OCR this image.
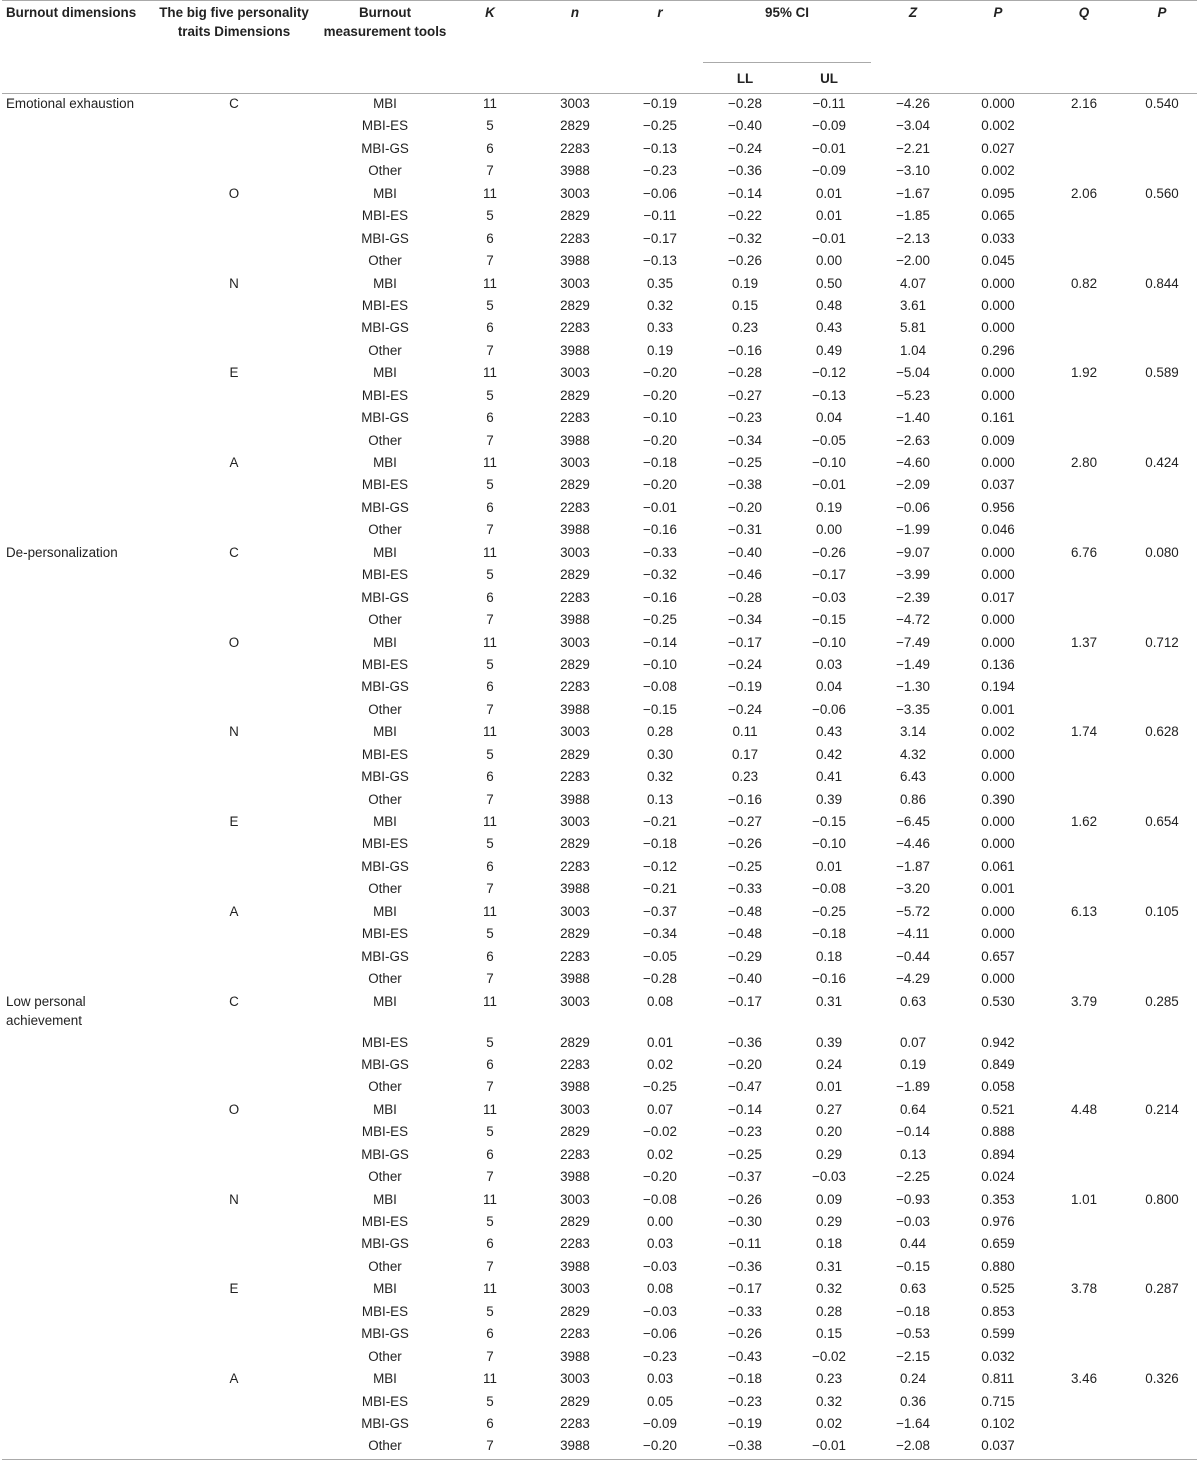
Burnout dimensions	The big five personality traits Dimensions	Burnout measurement tools	K	n	r	95% CI		Z	P	Q	P
						LL	UL				
Emotional exhaustion	C	MBI	11	3003	−0.19	−0.28	−0.11	−4.26	0.000	2.16	0.540
		MBI-ES	5	2829	−0.25	−0.40	−0.09	−3.04	0.002		
		MBI-GS	6	2283	−0.13	−0.24	−0.01	−2.21	0.027		
		Other	7	3988	−0.23	−0.36	−0.09	−3.10	0.002		
	O	MBI	11	3003	−0.06	−0.14	0.01	−1.67	0.095	2.06	0.560
		MBI-ES	5	2829	−0.11	−0.22	0.01	−1.85	0.065		
		MBI-GS	6	2283	−0.17	−0.32	−0.01	−2.13	0.033		
		Other	7	3988	−0.13	−0.26	0.00	−2.00	0.045		
	N	MBI	11	3003	0.35	0.19	0.50	4.07	0.000	0.82	0.844
		MBI-ES	5	2829	0.32	0.15	0.48	3.61	0.000		
		MBI-GS	6	2283	0.33	0.23	0.43	5.81	0.000		
		Other	7	3988	0.19	−0.16	0.49	1.04	0.296		
	E	MBI	11	3003	−0.20	−0.28	−0.12	−5.04	0.000	1.92	0.589
		MBI-ES	5	2829	−0.20	−0.27	−0.13	−5.23	0.000		
		MBI-GS	6	2283	−0.10	−0.23	0.04	−1.40	0.161		
		Other	7	3988	−0.20	−0.34	−0.05	−2.63	0.009		
	A	MBI	11	3003	−0.18	−0.25	−0.10	−4.60	0.000	2.80	0.424
		MBI-ES	5	2829	−0.20	−0.38	−0.01	−2.09	0.037		
		MBI-GS	6	2283	−0.01	−0.20	0.19	−0.06	0.956		
		Other	7	3988	−0.16	−0.31	0.00	−1.99	0.046		
De-personalization	C	MBI	11	3003	−0.33	−0.40	−0.26	−9.07	0.000	6.76	0.080
		MBI-ES	5	2829	−0.32	−0.46	−0.17	−3.99	0.000		
		MBI-GS	6	2283	−0.16	−0.28	−0.03	−2.39	0.017		
		Other	7	3988	−0.25	−0.34	−0.15	−4.72	0.000		
	O	MBI	11	3003	−0.14	−0.17	−0.10	−7.49	0.000	1.37	0.712
		MBI-ES	5	2829	−0.10	−0.24	0.03	−1.49	0.136		
		MBI-GS	6	2283	−0.08	−0.19	0.04	−1.30	0.194		
		Other	7	3988	−0.15	−0.24	−0.06	−3.35	0.001		
	N	MBI	11	3003	0.28	0.11	0.43	3.14	0.002	1.74	0.628
		MBI-ES	5	2829	0.30	0.17	0.42	4.32	0.000		
		MBI-GS	6	2283	0.32	0.23	0.41	6.43	0.000		
		Other	7	3988	0.13	−0.16	0.39	0.86	0.390		
	E	MBI	11	3003	−0.21	−0.27	−0.15	−6.45	0.000	1.62	0.654
		MBI-ES	5	2829	−0.18	−0.26	−0.10	−4.46	0.000		
		MBI-GS	6	2283	−0.12	−0.25	0.01	−1.87	0.061		
		Other	7	3988	−0.21	−0.33	−0.08	−3.20	0.001		
	A	MBI	11	3003	−0.37	−0.48	−0.25	−5.72	0.000	6.13	0.105
		MBI-ES	5	2829	−0.34	−0.48	−0.18	−4.11	0.000		
		MBI-GS	6	2283	−0.05	−0.29	0.18	−0.44	0.657		
		Other	7	3988	−0.28	−0.40	−0.16	−4.29	0.000		
Low personal achievement	C	MBI	11	3003	0.08	−0.17	0.31	0.63	0.530	3.79	0.285
		MBI-ES	5	2829	0.01	−0.36	0.39	0.07	0.942		
		MBI-GS	6	2283	0.02	−0.20	0.24	0.19	0.849		
		Other	7	3988	−0.25	−0.47	0.01	−1.89	0.058		
	O	MBI	11	3003	0.07	−0.14	0.27	0.64	0.521	4.48	0.214
		MBI-ES	5	2829	−0.02	−0.23	0.20	−0.14	0.888		
		MBI-GS	6	2283	0.02	−0.25	0.29	0.13	0.894		
		Other	7	3988	−0.20	−0.37	−0.03	−2.25	0.024		
	N	MBI	11	3003	−0.08	−0.26	0.09	−0.93	0.353	1.01	0.800
		MBI-ES	5	2829	0.00	−0.30	0.29	−0.03	0.976		
		MBI-GS	6	2283	0.03	−0.11	0.18	0.44	0.659		
		Other	7	3988	−0.03	−0.36	0.31	−0.15	0.880		
	E	MBI	11	3003	0.08	−0.17	0.32	0.63	0.525	3.78	0.287
		MBI-ES	5	2829	−0.03	−0.33	0.28	−0.18	0.853		
		MBI-GS	6	2283	−0.06	−0.26	0.15	−0.53	0.599		
		Other	7	3988	−0.23	−0.43	−0.02	−2.15	0.032		
	A	MBI	11	3003	0.03	−0.18	0.23	0.24	0.811	3.46	0.326
		MBI-ES	5	2829	0.05	−0.23	0.32	0.36	0.715		
		MBI-GS	6	2283	−0.09	−0.19	0.02	−1.64	0.102		
		Other	7	3988	−0.20	−0.38	−0.01	−2.08	0.037		
